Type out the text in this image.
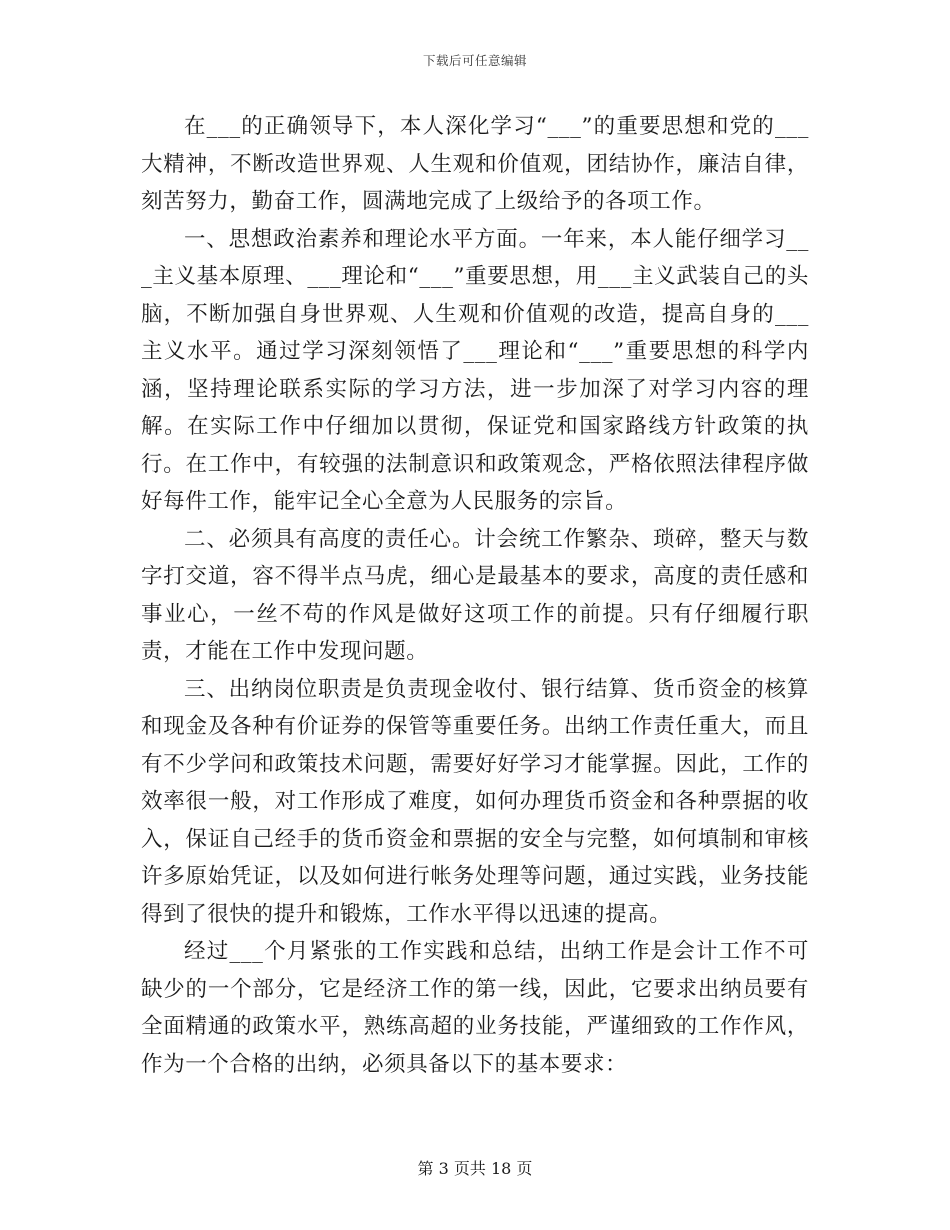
下载后可任意编辑

在___的正确领导下，本人深化学习“___”的重要思想和党的___大精神，不断改造世界观、人生观和价值观，团结协作，廉洁自律，刻苦努力，勤奋工作，圆满地完成了上级给予的各项工作。

一、思想政治素养和理论水平方面。一年来，本人能仔细学习___主义基本原理、___理论和“___”重要思想，用___主义武装自己的头脑，不断加强自身世界观、人生观和价值观的改造，提高自身的___主义水平。通过学习深刻领悟了___理论和“___”重要思想的科学内涵，坚持理论联系实际的学习方法，进一步加深了对学习内容的理解。在实际工作中仔细加以贯彻，保证党和国家路线方针政策的执行。在工作中，有较强的法制意识和政策观念，严格依照法律程序做好每件工作，能牢记全心全意为人民服务的宗旨。

二、必须具有高度的责任心。计会统工作繁杂、琐碎，整天与数字打交道，容不得半点马虎，细心是最基本的要求，高度的责任感和事业心，一丝不苟的作风是做好这项工作的前提。只有仔细履行职责，才能在工作中发现问题。

三、出纳岗位职责是负责现金收付、银行结算、货币资金的核算和现金及各种有价证券的保管等重要任务。出纳工作责任重大，而且有不少学问和政策技术问题，需要好好学习才能掌握。因此，工作的效率很一般，对工作形成了难度，如何办理货币资金和各种票据的收入，保证自己经手的货币资金和票据的安全与完整，如何填制和审核许多原始凭证，以及如何进行帐务处理等问题，通过实践，业务技能得到了很快的提升和锻炼，工作水平得以迅速的提高。

经过___个月紧张的工作实践和总结，出纳工作是会计工作不可缺少的一个部分，它是经济工作的第一线，因此，它要求出纳员要有全面精通的政策水平，熟练高超的业务技能，严谨细致的工作作风，作为一个合格的出纳，必须具备以下的基本要求：

第 3 页共 18 页
